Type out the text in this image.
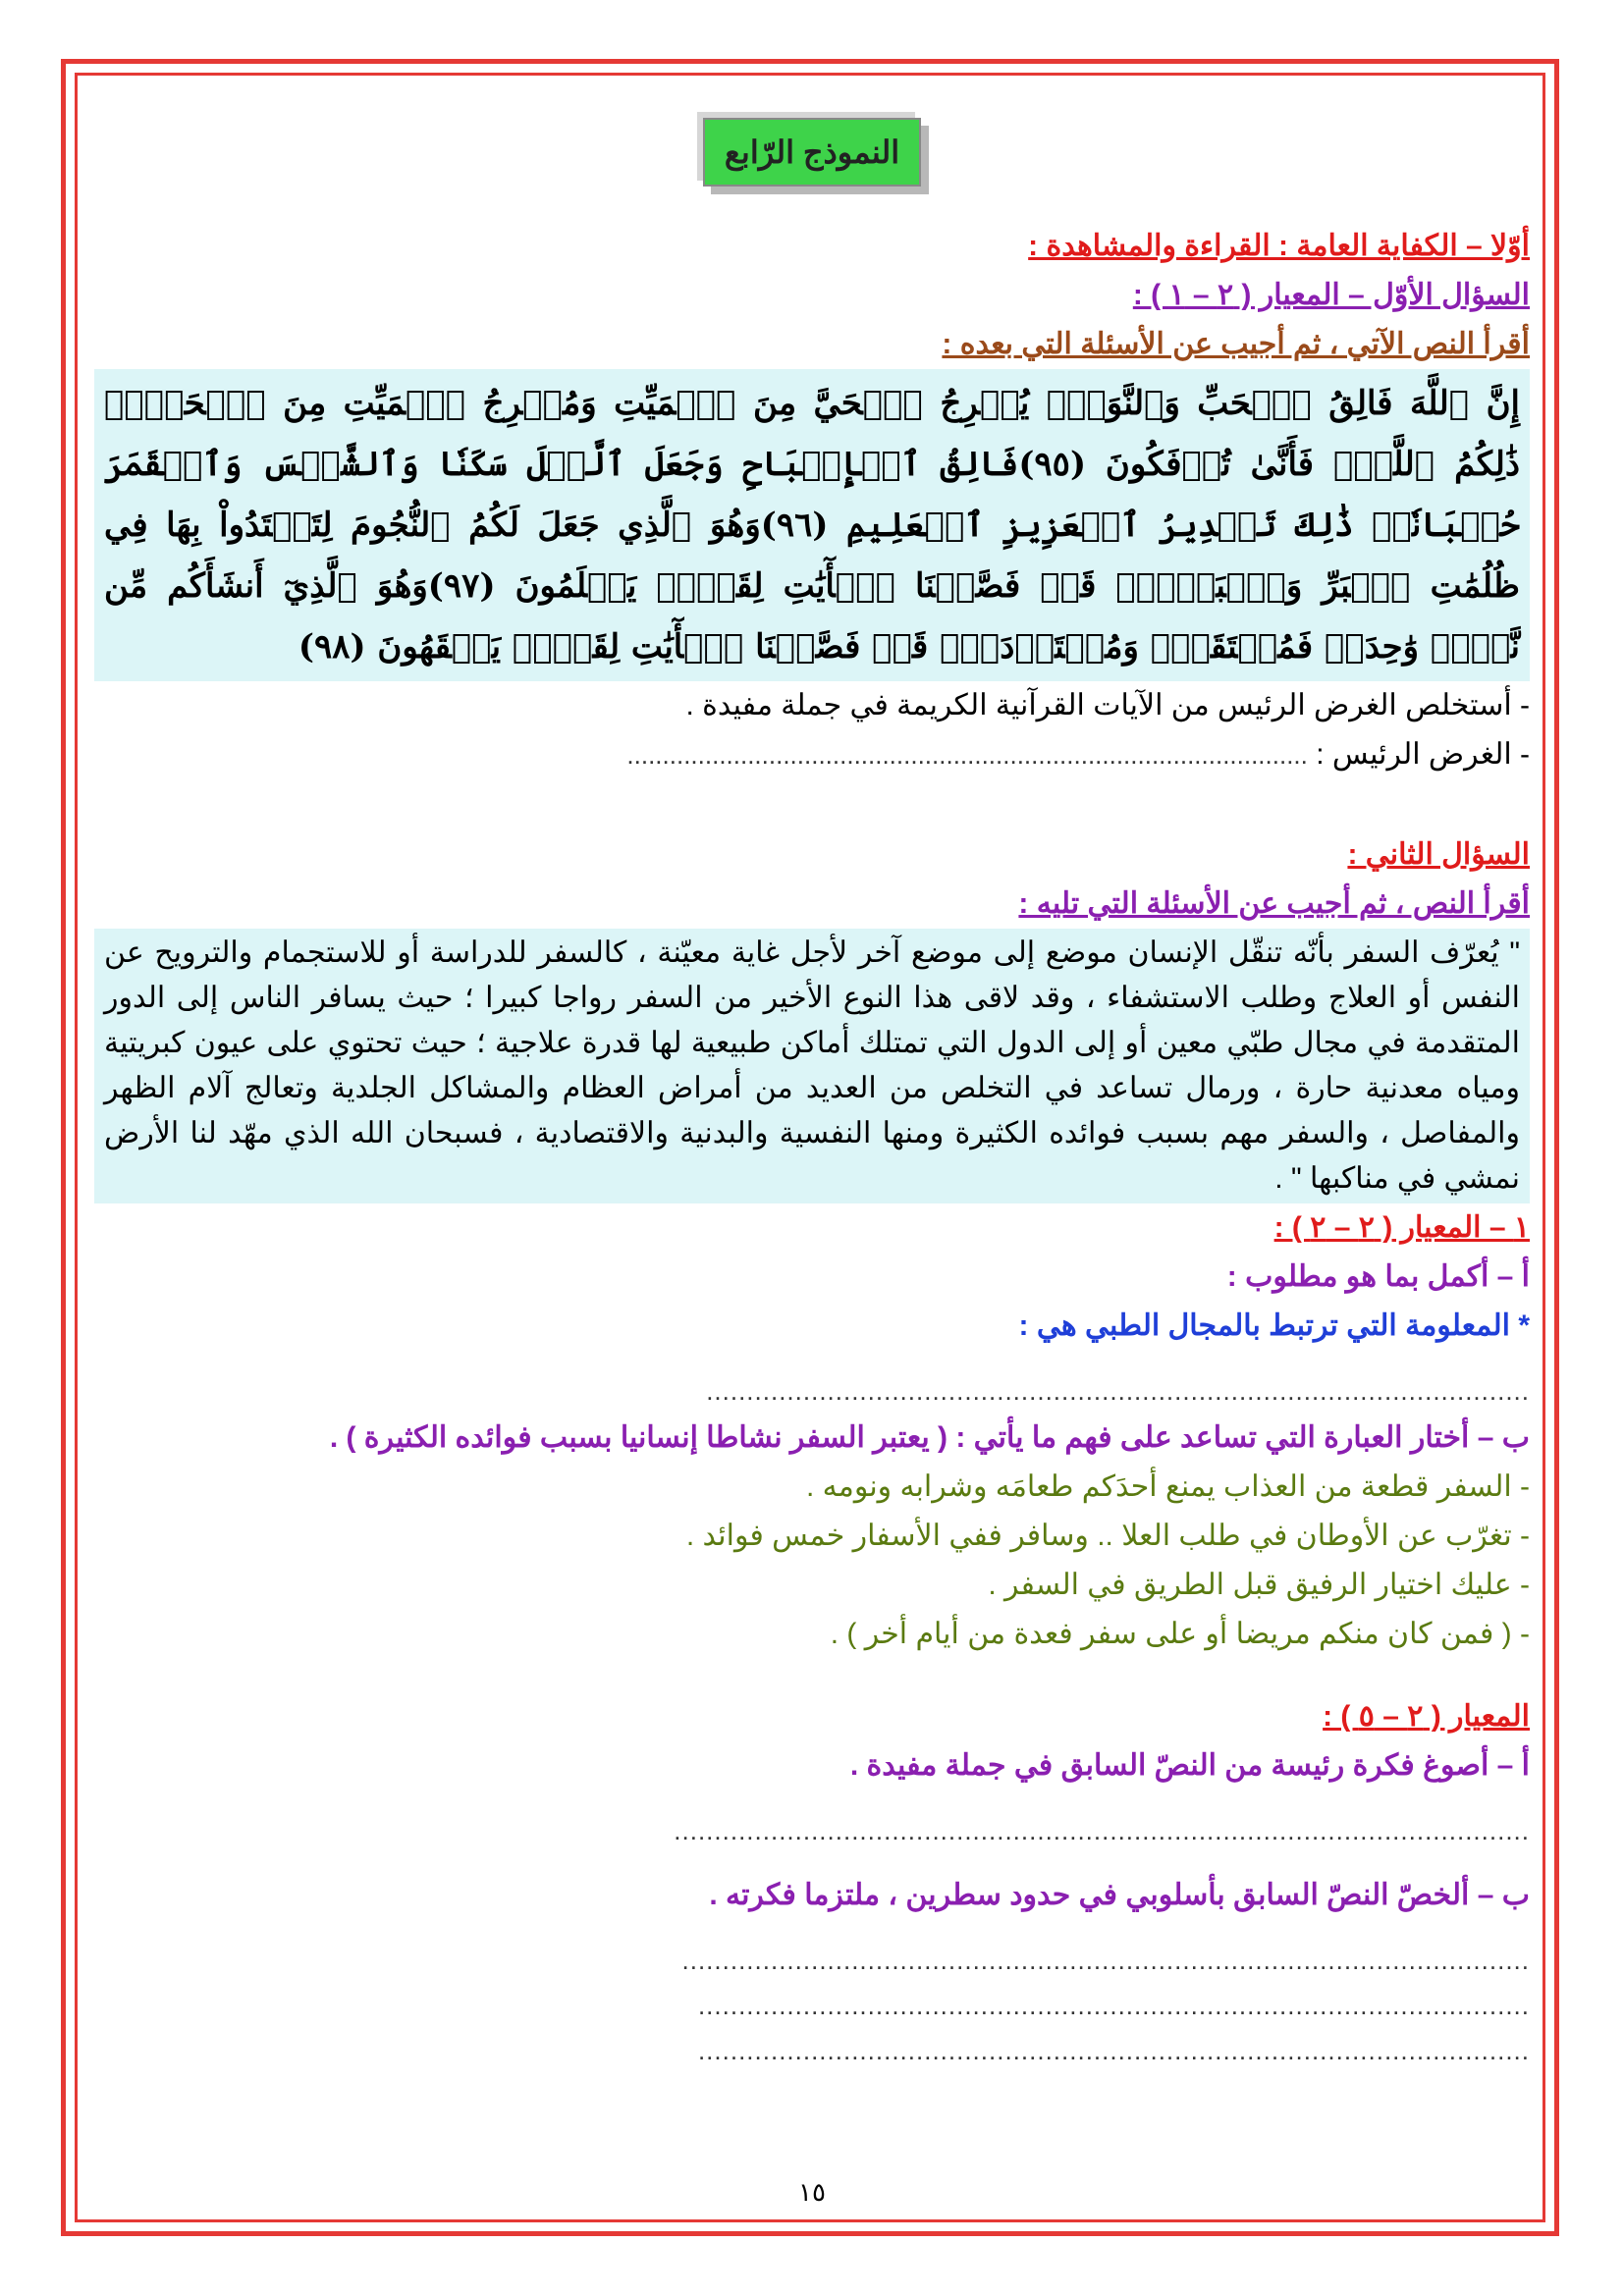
النموذج الرّابع
أوّلا – الكفاية العامة : القراءة والمشاهدة :
السؤال الأوّل – المعيار ( ٢ – ١ ) :
أقرأ النص الآتي ، ثم أجيب عن الأسئلة التي بعده :
إِنَّ ٱللَّهَ فَالِقُ ٱلۡحَبِّ وَٱلنَّوَىٰۖ يُخۡرِجُ ٱلۡحَيَّ مِنَ ٱلۡمَيِّتِ وَمُخۡرِجُ ٱلۡمَيِّتِ مِنَ ٱلۡحَيِّۚ ذَٰلِكُمُ ٱللَّهُۖ فَأَنَّىٰ تُؤۡفَكُونَ (٩٥)فَالِقُ ٱلۡإِصۡبَاحِ وَجَعَلَ ٱلَّيۡلَ سَكَنٗا وَٱلشَّمۡسَ وَٱلۡقَمَرَ حُسۡبَانٗاۚ ذَٰلِكَ تَقۡدِيرُ ٱلۡعَزِيزِ ٱلۡعَلِيمِ (٩٦)وَهُوَ ٱلَّذِي جَعَلَ لَكُمُ ٱلنُّجُومَ لِتَهۡتَدُواْ بِهَا فِي ظُلُمَٰتِ ٱلۡبَرِّ وَٱلۡبَحۡرِۗ قَدۡ فَصَّلۡنَا ٱلۡأٓيَٰتِ لِقَوۡمٖ يَعۡلَمُونَ (٩٧)وَهُوَ ٱلَّذِيٓ أَنشَأَكُم مِّن نَّفۡسٖ وَٰحِدَةٖ فَمُسۡتَقَرّٞ وَمُسۡتَوۡدَعٞۗ قَدۡ فَصَّلۡنَا ٱلۡأٓيَٰتِ لِقَوۡمٖ يَفۡقَهُونَ (٩٨)
- أستخلص الغرض الرئيس من الآيات القرآنية الكريمة في جملة مفيدة .
- الغرض الرئيس : ................................................................................................
السؤال الثاني :
أقرأ النص ، ثم أجيب عن الأسئلة التي تليه :
" يُعرّف السفر بأنّه تنقّل الإنسان موضع إلى موضع آخر لأجل غاية معيّنة ، كالسفر للدراسة أو للاستجمام والترويح عن النفس أو العلاج وطلب الاستشفاء ، وقد لاقى هذا النوع الأخير من السفر رواجا كبيرا ؛ حيث يسافر الناس إلى الدور المتقدمة في مجال طبّي معين أو إلى الدول التي تمتلك أماكن طبيعية لها قدرة علاجية ؛ حيث تحتوي على عيون كبريتية ومياه معدنية حارة ، ورمال تساعد في التخلص من العديد من أمراض العظام والمشاكل الجلدية وتعالج آلام الظهر والمفاصل ، والسفر مهم بسبب فوائده الكثيرة ومنها النفسية والبدنية والاقتصادية ، فسبحان الله الذي مهّد لنا الأرض نمشي في مناكبها " .
١ – المعيار ( ٢ – ٢ ) :
أ – أكمل بما هو مطلوب :
* المعلومة التي ترتبط بالمجال الطبي هي :
......................................................................................................
ب – أختار العبارة التي تساعد على فهم ما يأتي : ( يعتبر السفر نشاطا إنسانيا بسبب فوائده الكثيرة ) .
- السفر قطعة من العذاب يمنع أحدَكم طعامَه وشرابه ونومه .
- تغرّب عن الأوطان في طلب العلا .. وسافر ففي الأسفار خمس فوائد .
- عليك اختيار الرفيق قبل الطريق في السفر .
- ( فمن كان منكم مريضا أو على سفر فعدة من أيام أخر ) .
المعيار ( ٢ – ٥ ) :
أ – أصوغ فكرة رئيسة من النصّ السابق في جملة مفيدة .
..........................................................................................................
ب – ألخصّ النصّ السابق بأسلوبي في حدود سطرين ، ملتزما فكرته .
.........................................................................................................
.......................................................................................................
.......................................................................................................
١٥
